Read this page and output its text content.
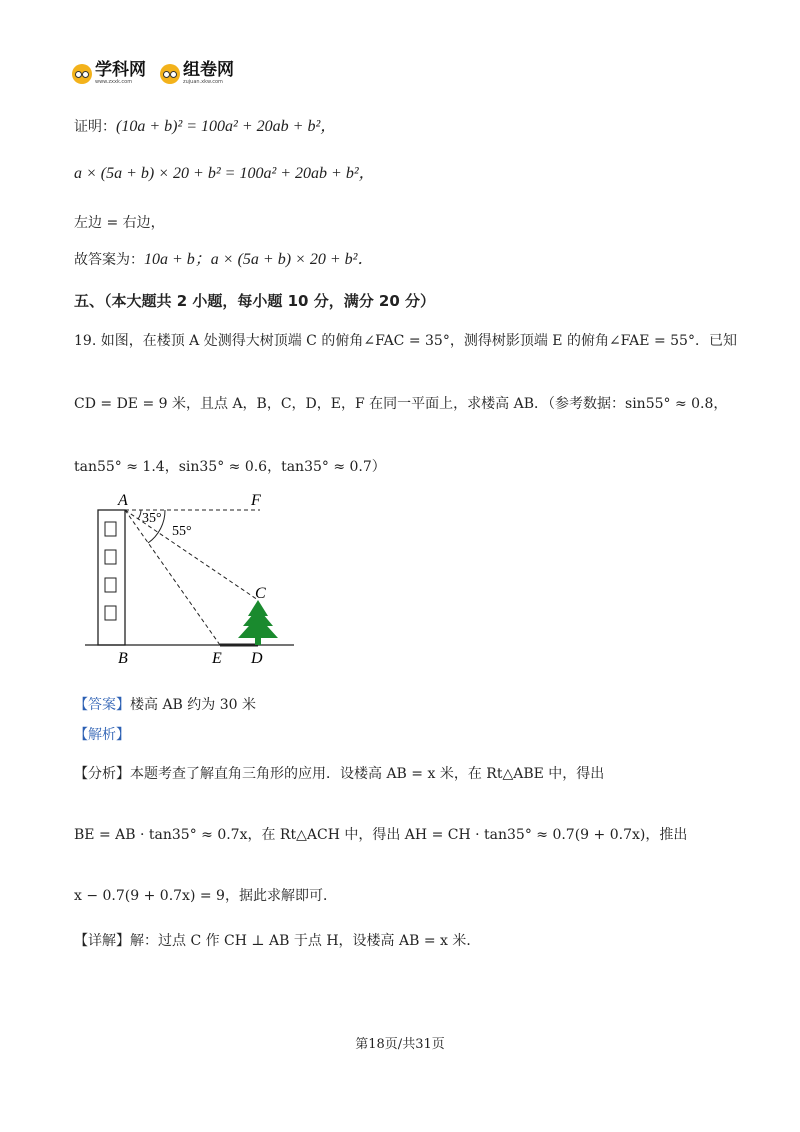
学科网
www.zxxk.com
组卷网
zujuan.xkw.com
证明：(10a + b)² = 100a² + 20ab + b²，
a × (5a + b) × 20 + b² = 100a² + 20ab + b²，
左边 = 右边，
故答案为：10a + b；a × (5a + b) × 20 + b²．
五、（本大题共 2 小题，每小题 10 分，满分 20 分）
19. 如图，在楼顶 A 处测得大树顶端 C 的俯角∠FAC = 35°，测得树影顶端 E 的俯角∠FAE = 55°．已知
CD = DE = 9 米，且点 A，B，C，D，E，F 在同一平面上，求楼高 AB．（参考数据：sin55° ≈ 0.8，
tan55° ≈ 1.4，sin35° ≈ 0.6，tan35° ≈ 0.7）
A	F
C
B	E D
35°
55°
【答案】楼高 AB 约为 30 米
【解析】
【分析】本题考查了解直角三角形的应用．设楼高 AB = x 米，在 Rt△ABE 中，得出
BE = AB · tan35° ≈ 0.7x，在 Rt△ACH 中，得出 AH = CH · tan35° ≈ 0.7(9 + 0.7x)，推出
x − 0.7(9 + 0.7x) = 9，据此求解即可．
【详解】解：过点 C 作 CH ⊥ AB 于点 H，设楼高 AB = x 米．
第18页/共31页
